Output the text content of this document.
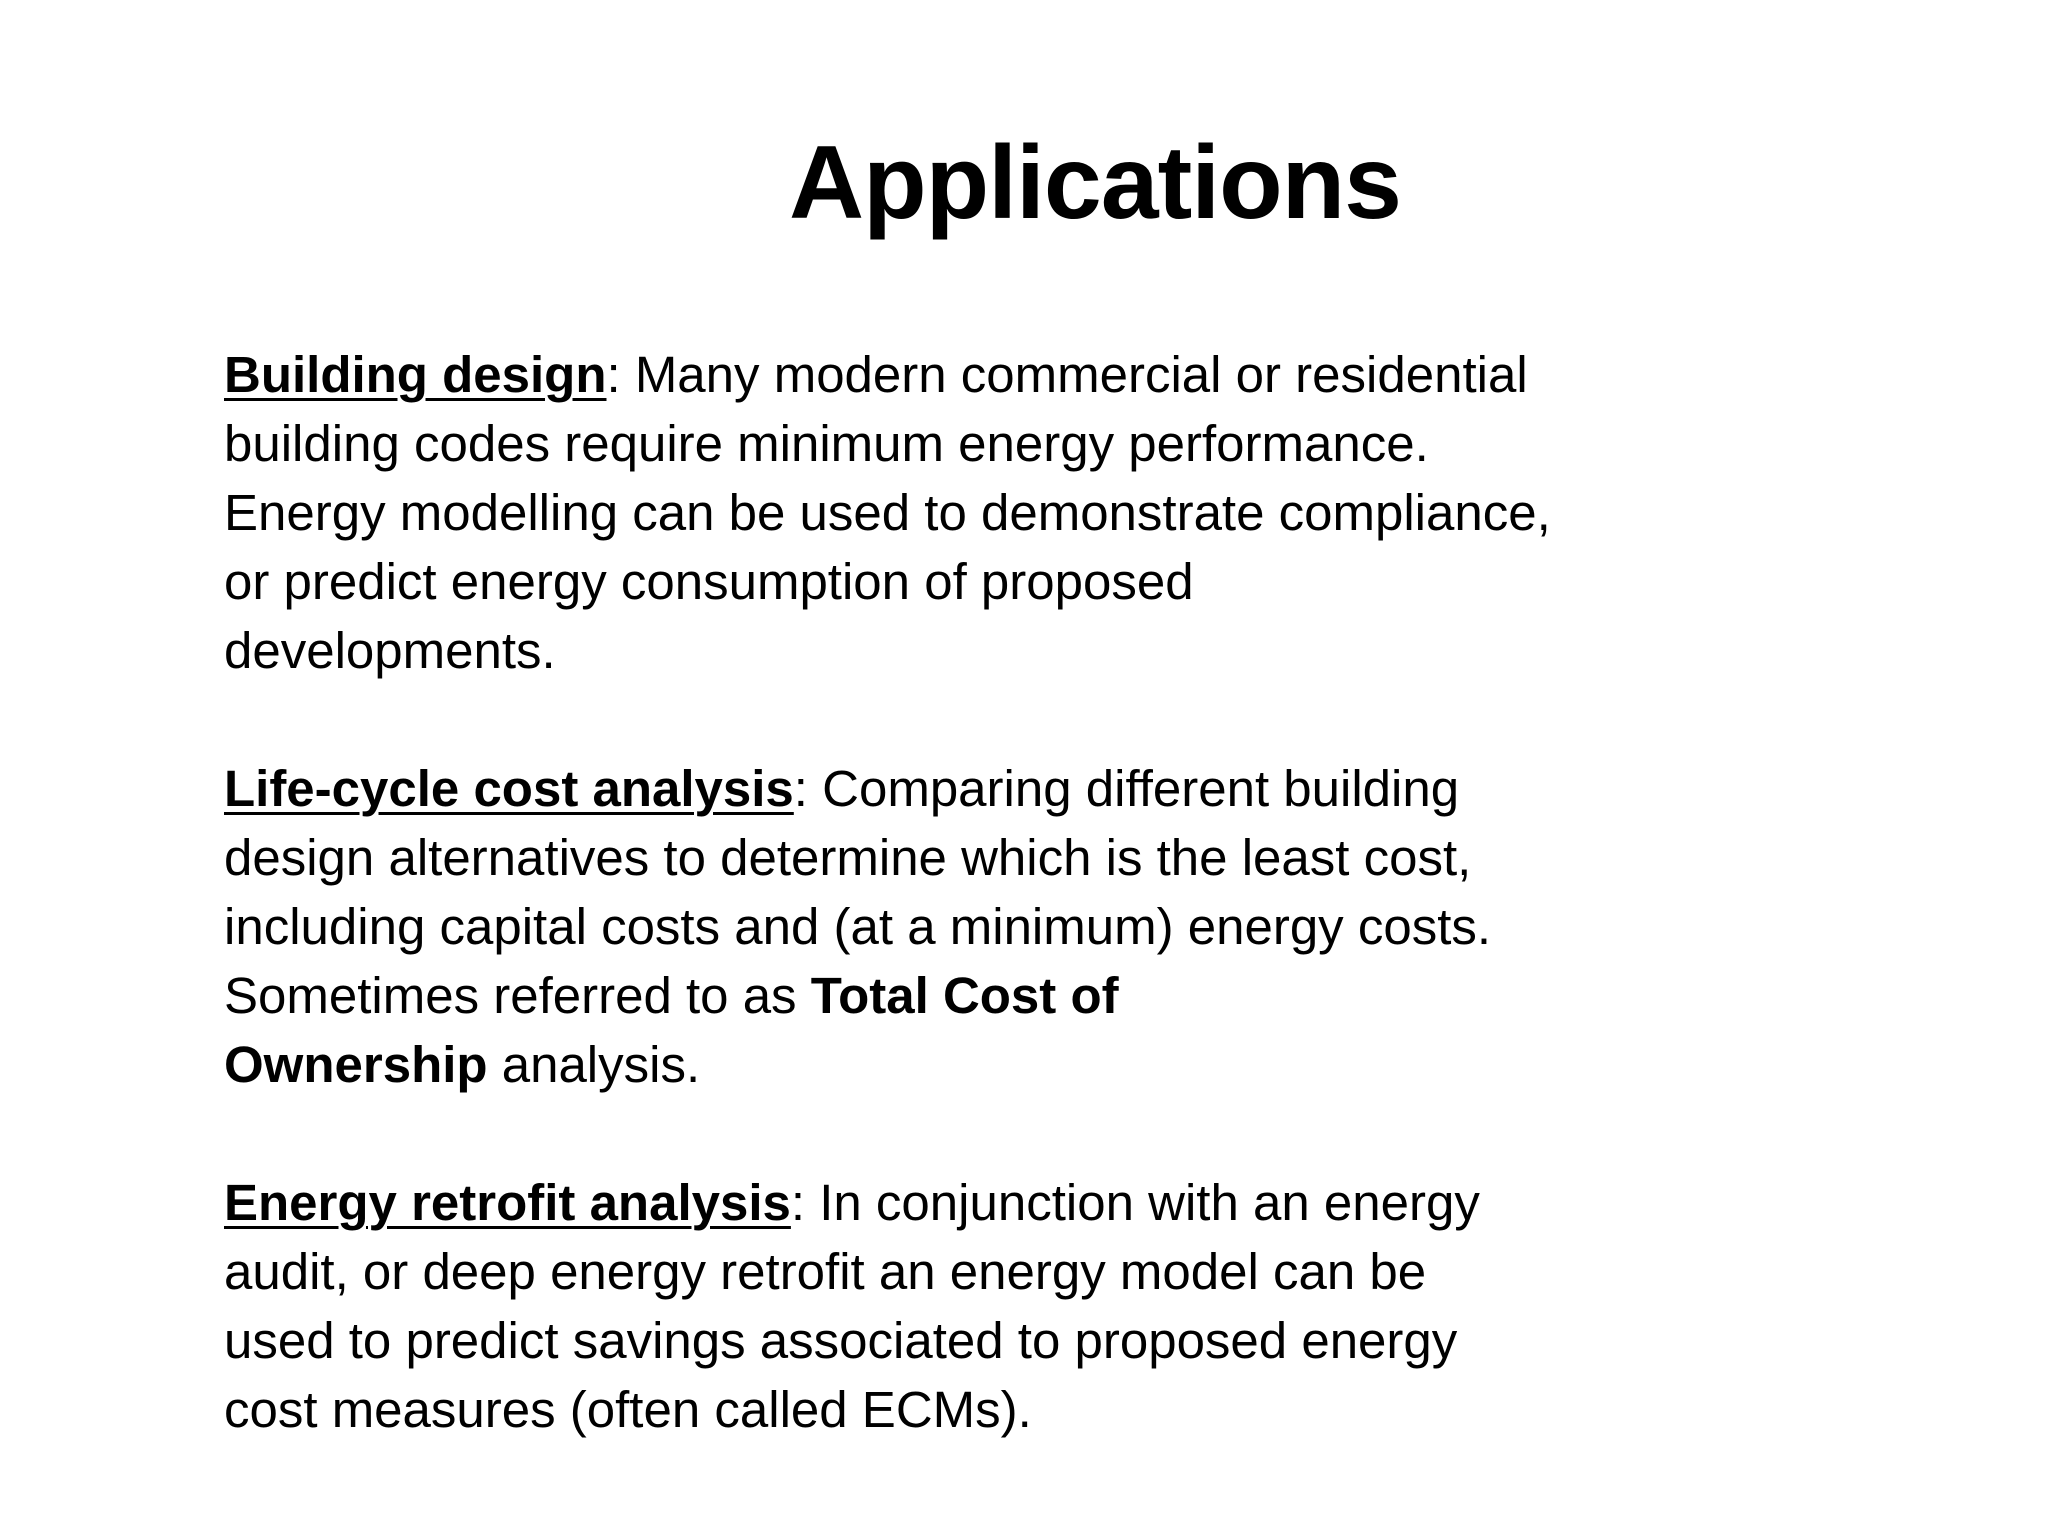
Applications

Building design: Many modern commercial or residential
building codes require minimum energy performance.
Energy modelling can be used to demonstrate compliance,
or predict energy consumption of proposed
developments.

Life-cycle cost analysis: Comparing different building
design alternatives to determine which is the least cost,
including capital costs and (at a minimum) energy costs.
Sometimes referred to as Total Cost of
Ownership analysis.

Energy retrofit analysis: In conjunction with an energy
audit, or deep energy retrofit an energy model can be
used to predict savings associated to proposed energy
cost measures (often called ECMs).
